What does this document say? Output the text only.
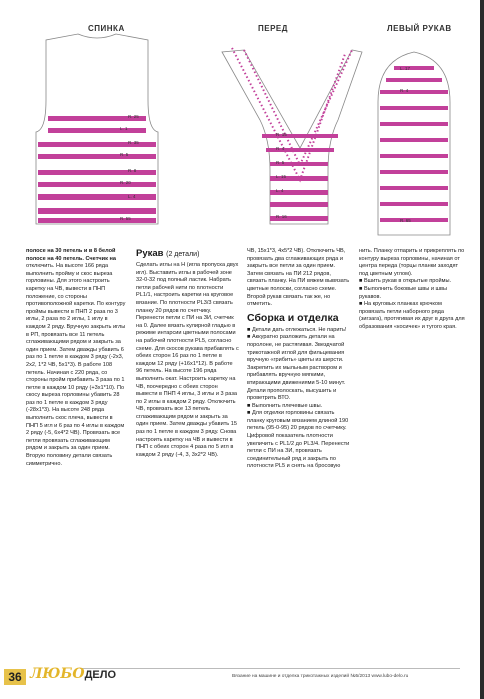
СПИНКА	ПЕРЕД	ЛЕВЫЙ РУКАВ
R. 25
L. 1
R. 35
R. 5
R. 8
R. 20
L. 4
R. 55
R. 15
R. 4
R. 5
L. 15
L. 4
R. 16
L. 17
R. 4
R. 65

полосе на 30 петель и в 8 белой полосе на 40 петель. Счетчик на

отключить. На высоте 166 ряда выполнить пройму и скос выреза горловины. Для этого настроить каретку на ЧВ, вывести в ПНП положение, со стороны противоположной каретки. По контуру проймы вывести в ПНП 2 раза по 3 иглы, 2 раза по 2 иглы, 1 иглу в каждом 2 ряду. Вручную закрыть иглы в РП, провязать все 11 петель сглаживающими рядом и закрыть за один прием. Затем дважды убавить 6 раз по 1 петле в каждом 3 ряду (-2х3, 2х2, 1*2 ЧВ, 5х1*3). В работе 108 петель. Начиная с 220 ряда, со стороны пройм прибавить 3 раза по 1 петле в каждом 10 ряду (+3х1*10). По скосу выреза горловины убавить 28 раз по 1 петле в каждом 3 ряду (-28х1*3). На высоте 248 ряда выполнить скос плеча, вывести в ПНП 5 игл и 6 раз по 4 иглы в каждом 2 ряду (-5, 6х4*2 ЧВ). Провязать все петли провязать сглаживающим рядом и закрыть за один прием. Вторую половину детали связать симметрично.

Рукав (2 детали)

Сделать иглы на Н (игла пропуска двух игл). Выставить иглы в рабочей зоне 32-0-32 под полный ластик. Набрать петли рабочей нити по плотности PL1/1, настроить каретки на круговое вязание. По плотности PL3/3 связать планку 20 рядов по счетчику. Перенести петли с ПИ на ЗИ, счетчик на 0. Далее вязать кулирной гладью в режиме интарсии цветными полосами на рабочей плотности PL5, согласно схеме. Для скосов рукава прибавлять с обеих сторон 16 раз по 1 петле в каждом 12 ряду (+16х1*12). В работе 96 петель. На высоте 196 ряда выполнить окат. Настроить каретку на ЧВ, поочередно с обеих сторон вывести в ПНП 4 иглы, 3 иглы и 3 раза по 2 иглы в каждом 2 ряду. Отключить ЧВ, провязать все 13 петель сглаживающим рядом и закрыть за один прием. Затем дважды убавить 15 раз по 1 петле в каждом 3 ряду. Снова настроить каретку на ЧВ и вывести в ПНП с обеих сторон 4 раза по 5 игл в каждом 2 ряду (-4, 3, 3х2*2 ЧВ).

ЧВ, 15х1*3, 4х5*2 ЧВ). Отключить ЧВ, провязать два сглаживающих ряда и закрыть все петли за один прием. Затем связать на ПИ 212 рядов, связать планку. На ПИ вяжем вывязать цветные полоски, согласно схеме. Второй рукав связать так же, но отметить.

Сборка и отделка

■ Детали дать отлежаться. Не парить!

■ Аккуратно разложить детали на поролоне, не растягивая. Звездчатой трикотажной иглой для фильцевания вручную «грибить» цветы из шерсти. Закрепить их мыльным раствором и прибавлять вручную мягкими, втирающими движениями 5-10 минут. Детали прополоскать, высушить и проветрить ВТО.

■ Выполнить плечевые швы.

■ Для отделки горловины связать планку круговым вязанием длиной 190 петель (95-0-95) 20 рядов по счетчику. Цифровой показатель плотности увеличить с PL1/2 до PL3/4. Перенести петли с ПИ на ЗИ, провязать соединительный ряд и закрыть по плотности PL5 и снять на бросовую

нить. Планку отпарить и прикреплять по контуру выреза горловины, начиная от центра переда (торцы планки заходят под цветным углом).

■ Вшить рукав в открытые проймы.

■ Выполнить боковые швы и швы рукавов.

■ На круговых планках крючком провязать петли наборного ряда (зигзага), протягивая их друг в друга для образования «косичек» и тугого края.

36 ЛЮБОДЕЛО	Вязание на машине и отделка трикотажных изделий №5/2013 www.lubo-delo.ru
